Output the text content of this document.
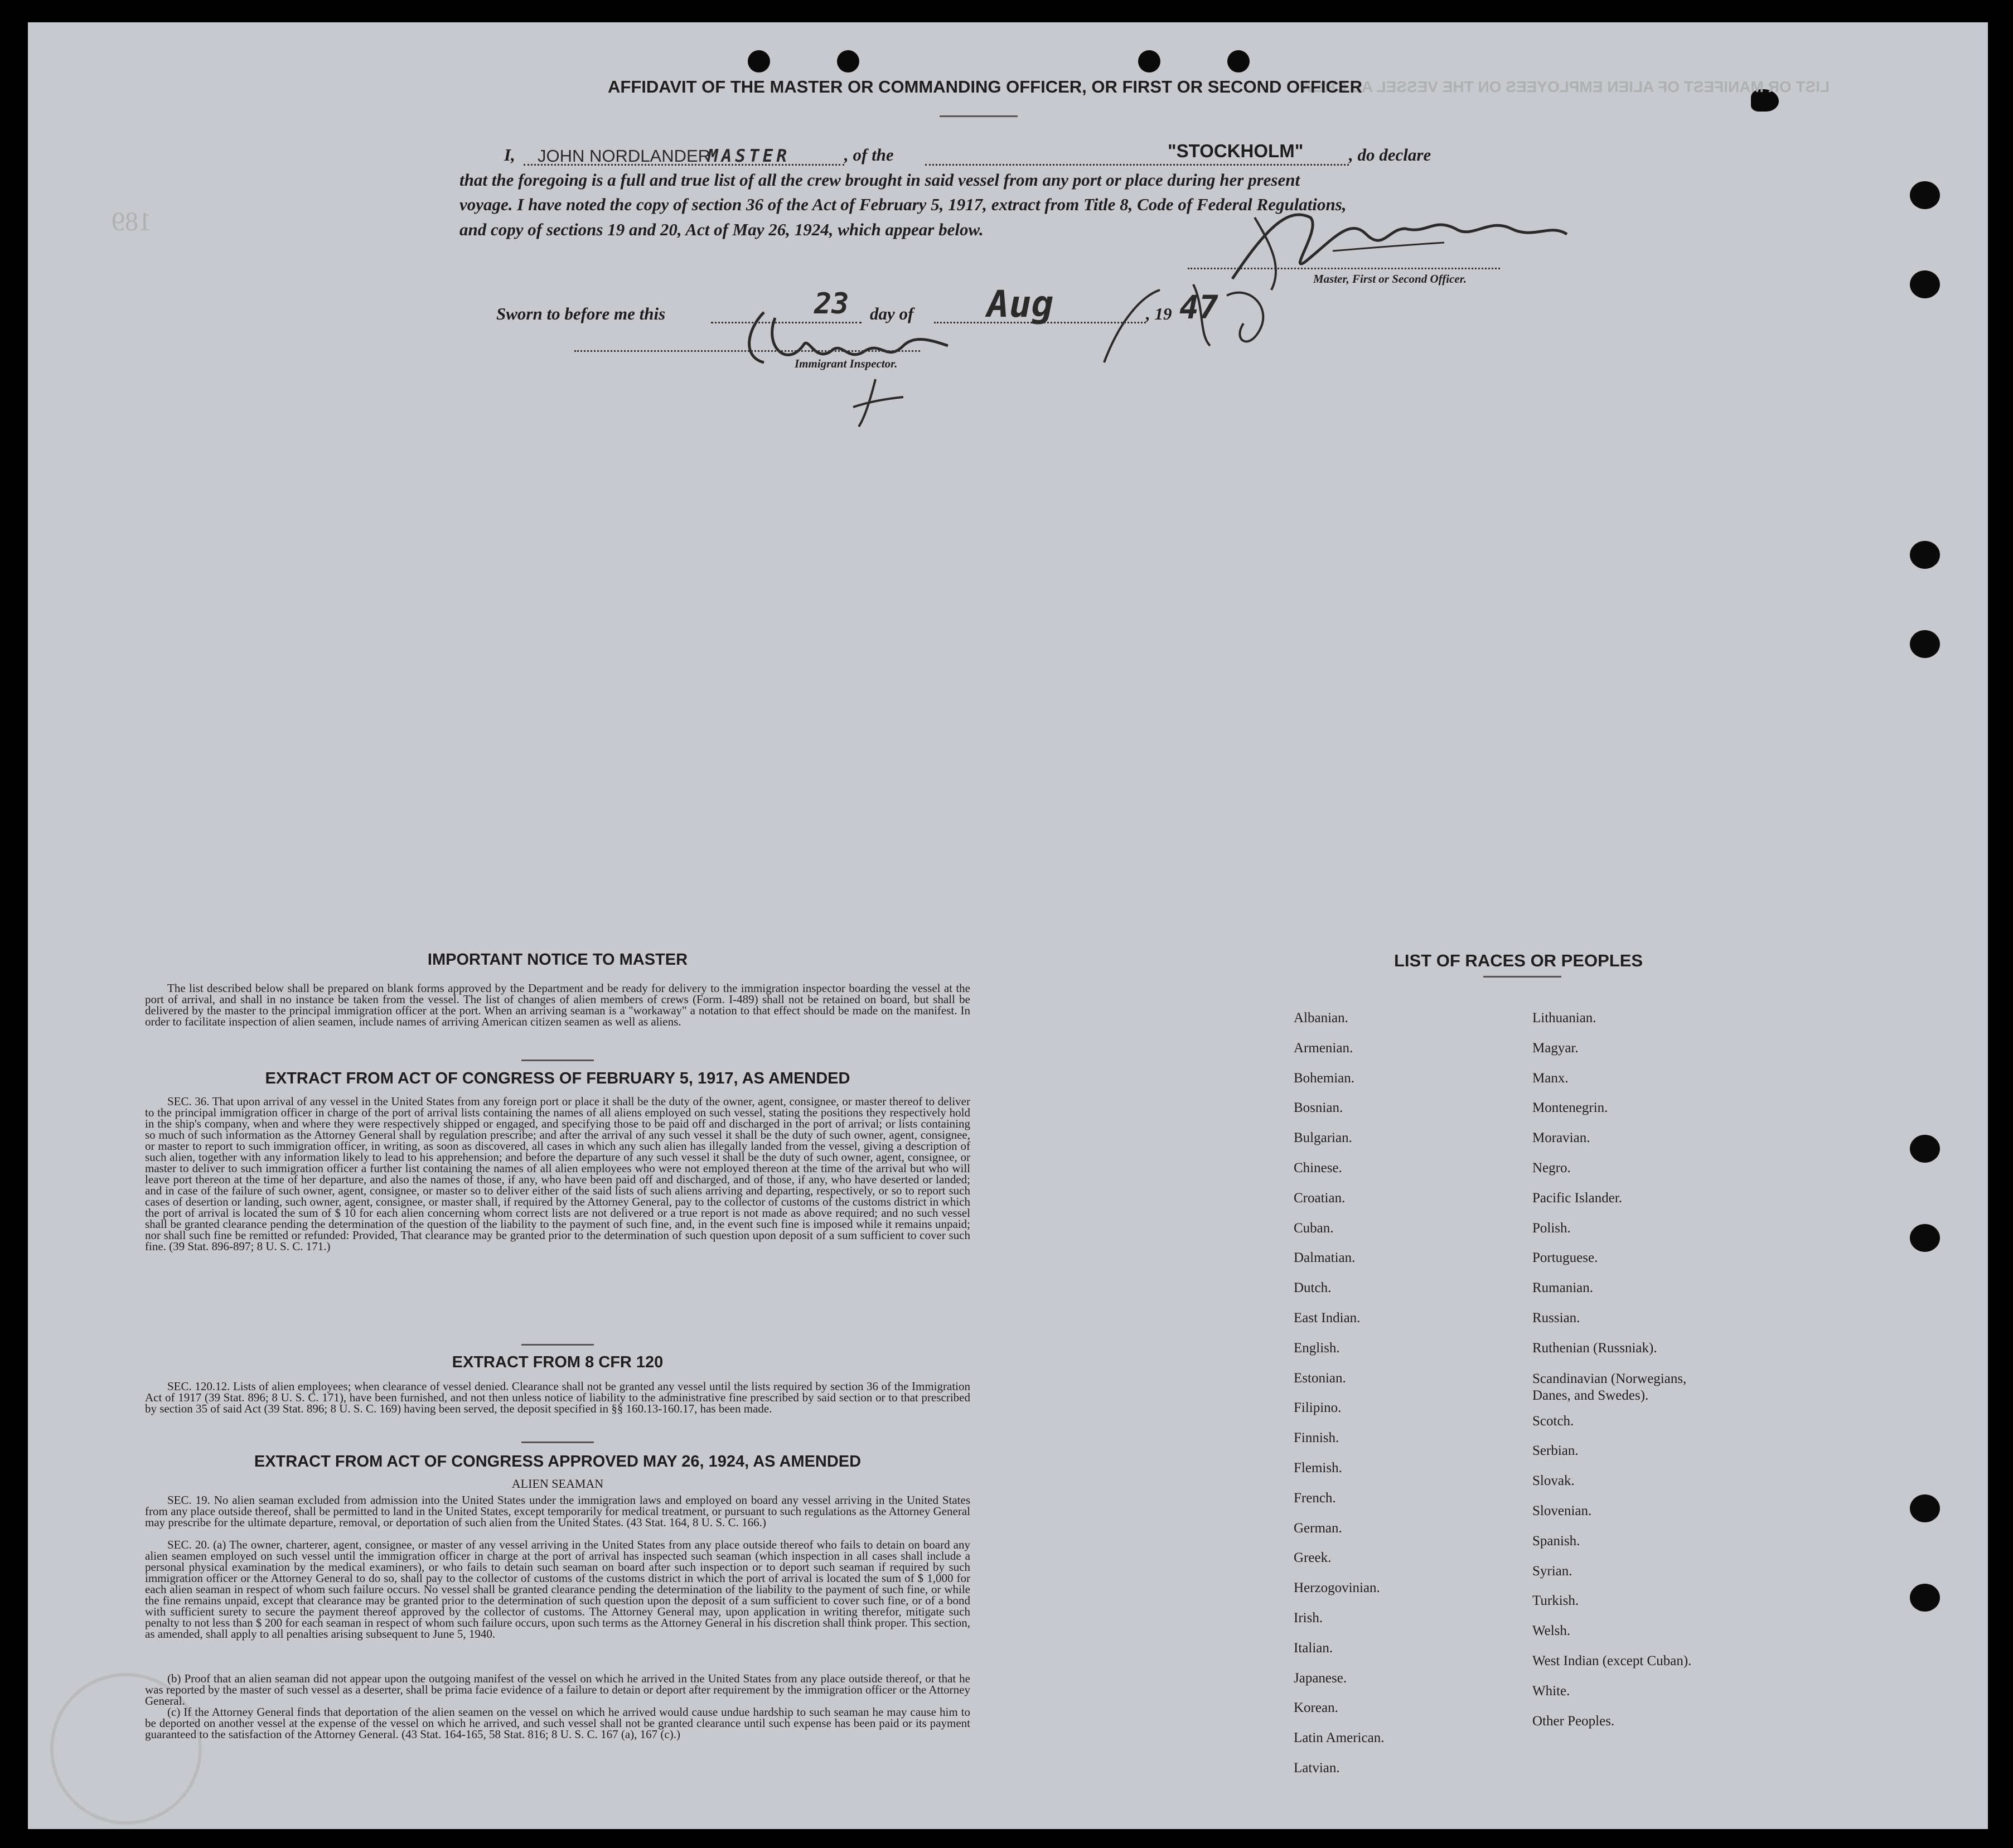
189
LIST OR MANIFEST OF ALIEN EMPLOYEES ON THE VESSEL AS CREW
AFFIDAVIT OF THE MASTER OR COMMANDING OFFICER, OR FIRST OR SECOND OFFICER
I, JOHN NORDLANDER
MASTER	, of the	"STOCKHOLM"	, do declare
that the foregoing is a full and true list of all the crew brought in said vessel from any port or place during her present
voyage. I have noted the copy of section 36 of the Act of February 5, 1917, extract from Title 8, Code of Federal Regulations,
and copy of sections 19 and 20, Act of May 26, 1924, which appear below.
Master, First or Second Officer.
Sworn to before me this	23 day of Aug	, 19 47
Immigrant Inspector.
IMPORTANT NOTICE TO MASTER

The list described below shall be prepared on blank forms approved by the Department and be ready for delivery to the immigration inspector boarding the vessel at the port of arrival, and shall in no instance be taken from the vessel. The list of changes of alien members of crews (Form. I-489) shall not be retained on board, but shall be delivered by the master to the principal immigration officer at the port. When an arriving seaman is a "workaway" a notation to that effect should be made on the manifest. In order to facilitate inspection of alien seamen, include names of arriving American citizen seamen as well as aliens.

EXTRACT FROM ACT OF CONGRESS OF FEBRUARY 5, 1917, AS AMENDED

SEC. 36. That upon arrival of any vessel in the United States from any foreign port or place it shall be the duty of the owner, agent, consignee, or master thereof to deliver to the principal immigration officer in charge of the port of arrival lists containing the names of all aliens employed on such vessel, stating the positions they respectively hold in the ship's company, when and where they were respectively shipped or engaged, and specifying those to be paid off and discharged in the port of arrival; or lists containing so much of such information as the Attorney General shall by regulation prescribe; and after the arrival of any such vessel it shall be the duty of such owner, agent, consignee, or master to report to such immigration officer, in writing, as soon as discovered, all cases in which any such alien has illegally landed from the vessel, giving a description of such alien, together with any information likely to lead to his apprehension; and before the departure of any such vessel it shall be the duty of such owner, agent, consignee, or master to deliver to such immigration officer a further list containing the names of all alien employees who were not employed thereon at the time of the arrival but who will leave port thereon at the time of her departure, and also the names of those, if any, who have been paid off and discharged, and of those, if any, who have deserted or landed; and in case of the failure of such owner, agent, consignee, or master so to deliver either of the said lists of such aliens arriving and departing, respectively, or so to report such cases of desertion or landing, such owner, agent, consignee, or master shall, if required by the Attorney General, pay to the collector of customs of the customs district in which the port of arrival is located the sum of $ 10 for each alien concerning whom correct lists are not delivered or a true report is not made as above required; and no such vessel shall be granted clearance pending the determination of the question of the liability to the payment of such fine, and, in the event such fine is imposed while it remains unpaid; nor shall such fine be remitted or refunded: Provided, That clearance may be granted prior to the determination of such question upon deposit of a sum sufficient to cover such fine. (39 Stat. 896-897; 8 U. S. C. 171.)

EXTRACT FROM 8 CFR 120

SEC. 120.12. Lists of alien employees; when clearance of vessel denied. Clearance shall not be granted any vessel until the lists required by section 36 of the Immigration Act of 1917 (39 Stat. 896; 8 U. S. C. 171), have been furnished, and not then unless notice of liability to the administrative fine prescribed by said section or to that prescribed by section 35 of said Act (39 Stat. 896; 8 U. S. C. 169) having been served, the deposit specified in §§ 160.13-160.17, has been made.

EXTRACT FROM ACT OF CONGRESS APPROVED MAY 26, 1924, AS AMENDED
ALIEN SEAMAN

SEC. 19. No alien seaman excluded from admission into the United States under the immigration laws and employed on board any vessel arriving in the United States from any place outside thereof, shall be permitted to land in the United States, except temporarily for medical treatment, or pursuant to such regulations as the Attorney General may prescribe for the ultimate departure, removal, or deportation of such alien from the United States. (43 Stat. 164, 8 U. S. C. 166.)

SEC. 20. (a) The owner, charterer, agent, consignee, or master of any vessel arriving in the United States from any place outside thereof who fails to detain on board any alien seamen employed on such vessel until the immigration officer in charge at the port of arrival has inspected such seaman (which inspection in all cases shall include a personal physical examination by the medical examiners), or who fails to detain such seaman on board after such inspection or to deport such seaman if required by such immigration officer or the Attorney General to do so, shall pay to the collector of customs of the customs district in which the port of arrival is located the sum of $ 1,000 for each alien seaman in respect of whom such failure occurs. No vessel shall be granted clearance pending the determination of the liability to the payment of such fine, or while the fine remains unpaid, except that clearance may be granted prior to the determination of such question upon the deposit of a sum sufficient to cover such fine, or of a bond with sufficient surety to secure the payment thereof approved by the collector of customs. The Attorney General may, upon application in writing therefor, mitigate such penalty to not less than $ 200 for each seaman in respect of whom such failure occurs, upon such terms as the Attorney General in his discretion shall think proper. This section, as amended, shall apply to all penalties arising subsequent to June 5, 1940.

(b) Proof that an alien seaman did not appear upon the outgoing manifest of the vessel on which he arrived in the United States from any place outside thereof, or that he was reported by the master of such vessel as a deserter, shall be prima facie evidence of a failure to detain or deport after requirement by the immigration officer or the Attorney General.

(c) If the Attorney General finds that deportation of the alien seamen on the vessel on which he arrived would cause undue hardship to such seaman he may cause him to be deported on another vessel at the expense of the vessel on which he arrived, and such vessel shall not be granted clearance until such expense has been paid or its payment guaranteed to the satisfaction of the Attorney General. (43 Stat. 164-165, 58 Stat. 816; 8 U. S. C. 167 (a), 167 (c).)

LIST OF RACES OR PEOPLES
Albanian.
Armenian.
Bohemian.
Bosnian.
Bulgarian.
Chinese.
Croatian.
Cuban.
Dalmatian.
Dutch.
East Indian.
English.
Estonian.
Filipino.
Finnish.
Flemish.
French.
German.
Greek.
Herzogovinian.
Irish.
Italian.
Japanese.
Korean.
Latin American.
Latvian.
Lithuanian.
Magyar.
Manx.
Montenegrin.
Moravian.
Negro.
Pacific Islander.
Polish.
Portuguese.
Rumanian.
Russian.
Ruthenian (Russniak).
Scandinavian (Norwegians, Danes, and Swedes).
Scotch.
Serbian.
Slovak.
Slovenian.
Spanish.
Syrian.
Turkish.
Welsh.
West Indian (except Cuban).
White.
Other Peoples.
